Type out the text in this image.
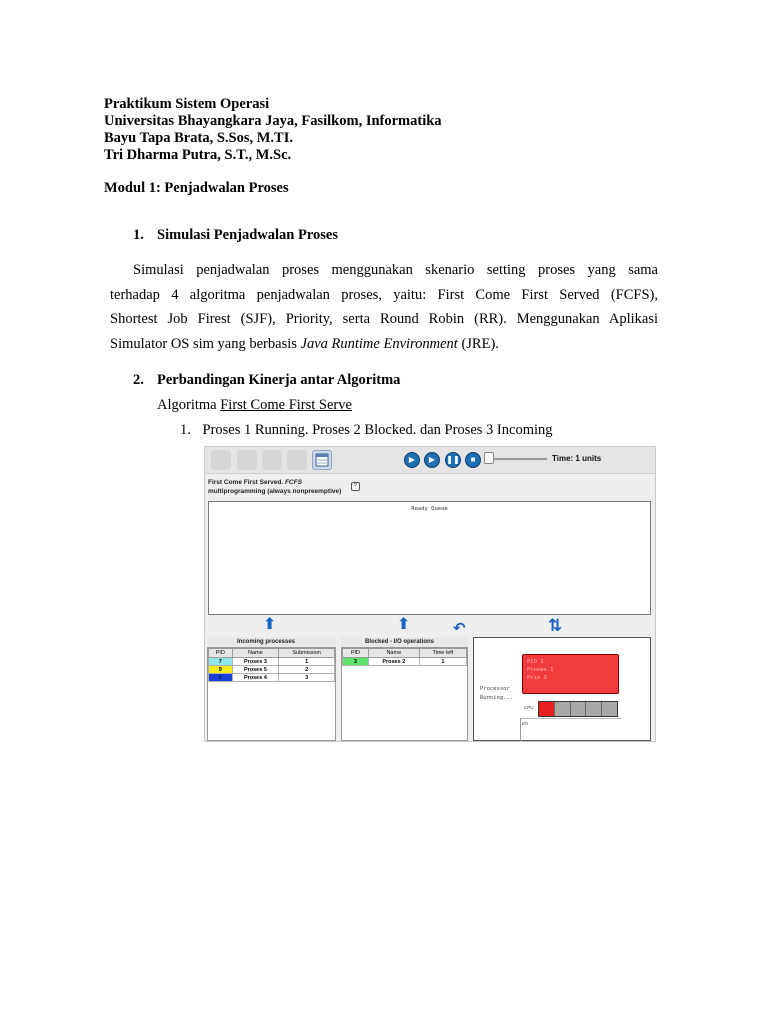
Praktikum Sistem Operasi
Universitas Bhayangkara Jaya, Fasilkom, Informatika
Bayu Tapa Brata, S.Sos, M.TI.
Tri Dharma Putra, S.T., M.Sc.
Modul 1: Penjadwalan Proses
1. Simulasi Penjadwalan Proses
Simulasi penjadwalan proses menggunakan skenario setting proses yang sama
terhadap 4 algoritma penjadwalan proses, yaitu: First Come First Served (FCFS),
Shortest Job Firest (SJF), Priority, serta Round Robin (RR). Menggunakan Aplikasi
Simulator OS sim yang berbasis Java Runtime Environment (JRE).
2. Perbandingan Kinerja antar Algoritma
Algoritma First Come First Serve
1. Proses 1 Running. Proses 2 Blocked. dan Proses 3 Incoming
▶	▶	❚❚	■	Time: 1 units
First Come First Served. FCFS
multiprogramming (always nonpreemptive)
?
Ready Queue
⬆	⬆	↶	⇅
Incoming processes
PID	Name	Submission
7	Proses 3	1
9	Proses 5	2
8	Proses 4	3
Blocked - I/O operations
PID	Name	Time left
3	Proses 2	1
Processor
Running...
PID 1
Proses 1
Prio 3
CPU
I/O
